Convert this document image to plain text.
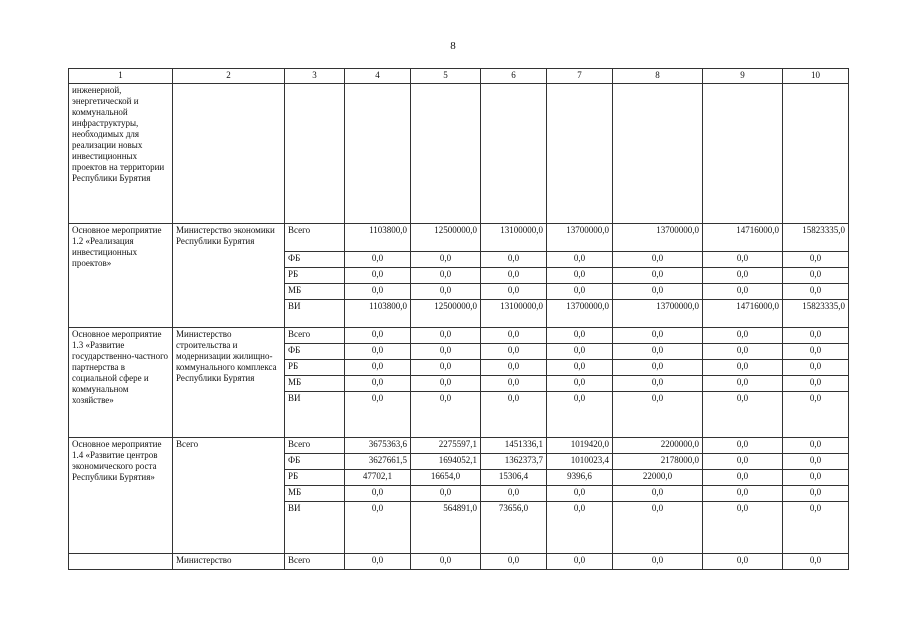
8
1	2	3	4	5	6	7	8	9	10
инженерной, энергетической и коммунальной инфраструктуры, необходимых для реализации новых инвестиционных проектов на территории Республики Бурятия									
Основное мероприятие 1.2 «Реализация инвестиционных проектов»	Министерство экономики Республики Бурятия	Всего	1103800,0	12500000,0	13100000,0	13700000,0	13700000,0	14716000,0	15823335,0
		ФБ	0,0	0,0	0,0	0,0	0,0	0,0	0,0
		РБ	0,0	0,0	0,0	0,0	0,0	0,0	0,0
		МБ	0,0	0,0	0,0	0,0	0,0	0,0	0,0
		ВИ	1103800,0	12500000,0	13100000,0	13700000,0	13700000,0	14716000,0	15823335,0
Основное мероприятие 1.3 «Развитие государственно-частного партнерства в социальной сфере и коммунальном хозяйстве»	Министерство строительства и модернизации жилищно-коммунального комплекса Республики Бурятия	Всего	0,0	0,0	0,0	0,0	0,0	0,0	0,0
		ФБ	0,0	0,0	0,0	0,0	0,0	0,0	0,0
		РБ	0,0	0,0	0,0	0,0	0,0	0,0	0,0
		МБ	0,0	0,0	0,0	0,0	0,0	0,0	0,0
		ВИ	0,0	0,0	0,0	0,0	0,0	0,0	0,0
Основное мероприятие 1.4 «Развитие центров экономического роста Республики Бурятия»	Всего	Всего	3675363,6	2275597,1	1451336,1	1019420,0	2200000,0	0,0	0,0
		ФБ	3627661,5	1694052,1	1362373,7	1010023,4	2178000,0	0,0	0,0
		РБ	47702,1	16654,0	15306,4	9396,6	22000,0	0,0	0,0
		МБ	0,0	0,0	0,0	0,0	0,0	0,0	0,0
		ВИ	0,0	564891,0	73656,0	0,0	0,0	0,0	0,0
	Министерство	Всего	0,0	0,0	0,0	0,0	0,0	0,0	0,0
